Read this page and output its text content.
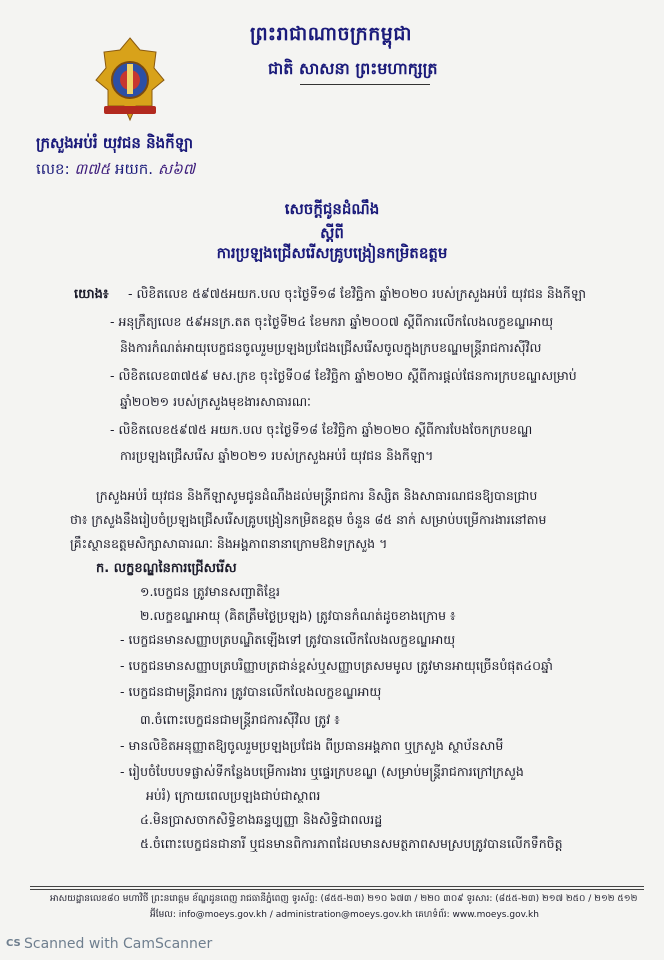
ព្រះរាជាណាចក្រកម្ពុជា
ជាតិ សាសនា ព្រះមហាក្សត្រ
ក្រសួងអប់រំ យុវជន និងកីឡា
លេខ: ៣៧៥ អយក. ស៦៧
សេចក្តីជូនដំណឹង
ស្តីពី
ការប្រឡងជ្រើសរើសគ្រូបង្រៀនកម្រិតឧត្តម
យោង៖ - លិខិតលេខ ៥៩៧៥អយក.បល ចុះថ្ងៃទី១៨ ខែវិច្ឆិកា ឆ្នាំ២០២០ របស់ក្រសួងអប់រំ យុវជន និងកីឡា
- អនុក្រឹត្យលេខ ៥៩អនក្រ.តត ចុះថ្ងៃទី២៤ ខែមករា ឆ្នាំ២០០៧ ស្តីពីការលើកលែងលក្ខខណ្ឌអាយុ
និងការកំណត់អាយុបេក្ខជនចូលរួមប្រឡងប្រជែងជ្រើសរើសចូលក្នុងក្របខណ្ឌមន្ត្រីរាជការស៊ីវិល
- លិខិតលេខ៣៧៥៩ មស.ក្រខ ចុះថ្ងៃទី០៨ ខែវិច្ឆិកា ឆ្នាំ២០២០ ស្តីពីការផ្តល់ផែនការក្របខណ្ឌសម្រាប់
ឆ្នាំ២០២១ របស់ក្រសួងមុខងារសាធារណៈ
- លិខិតលេខ៥៩៧៥ អយក.បល ចុះថ្ងៃទី១៨ ខែវិច្ឆិកា ឆ្នាំ២០២០ ស្តីពីការបែងចែកក្របខណ្ឌ
ការប្រឡងជ្រើសរើស ឆ្នាំ២០២១ របស់ក្រសួងអប់រំ យុវជន និងកីឡា។
ក្រសួងអប់រំ យុវជន និងកីឡាសូមជូនដំណឹងដល់មន្ត្រីរាជការ និស្សិត និងសាធារណជនឱ្យបានជ្រាប
ថា៖ ក្រសួងនឹងរៀបចំប្រឡងជ្រើសរើសគ្រូបង្រៀនកម្រិតឧត្តម ចំនួន ៨៥ នាក់ សម្រាប់បម្រើការងារនៅតាម
គ្រឹះស្ថានឧត្តមសិក្សាសាធារណៈ និងអង្គភាពនានាក្រោមឱវាទក្រសួង ។
ក. លក្ខខណ្ឌនៃការជ្រើសរើស
១.បេក្ខជន ត្រូវមានសញ្ជាតិខ្មែរ
២.លក្ខខណ្ឌអាយុ (គិតត្រឹមថ្ងៃប្រឡង) ត្រូវបានកំណត់ដូចខាងក្រោម ៖
- បេក្ខជនមានសញ្ញាបត្របណ្ឌិតឡើងទៅ ត្រូវបានលើកលែងលក្ខខណ្ឌអាយុ
- បេក្ខជនមានសញ្ញាបត្របរិញ្ញាបត្រជាន់ខ្ពស់ឬសញ្ញាបត្រសមមូល ត្រូវមានអាយុច្រើនបំផុត៤០ឆ្នាំ
- បេក្ខជនជាមន្ត្រីរាជការ ត្រូវបានលើកលែងលក្ខខណ្ឌអាយុ
៣.ចំពោះបេក្ខជនជាមន្ត្រីរាជការស៊ីវិល ត្រូវ ៖
- មានលិខិតអនុញ្ញាតឱ្យចូលរួមប្រឡងប្រជែង ពីប្រធានអង្គភាព ឬក្រសួង ស្ថាប័នសាមី
- រៀបចំបែបបទផ្លាស់ទីកន្លែងបម្រើការងារ ឬផ្ទេរក្របខណ្ឌ (សម្រាប់មន្ត្រីរាជការក្រៅក្រសួង
អប់រំ) ក្រោយពេលប្រឡងជាប់ជាស្ថាពរ
៤.មិនប្រាសចាកសិទ្ធិខាងឆន្ទប្បញ្ញា និងសិទ្ធិជាពលរដ្ឋ
៥.ចំពោះបេក្ខជនជានារី ឬជនមានពិការភាពដែលមានសមត្ថភាពសមស្របត្រូវបានលើកទឹកចិត្ត
អាសយដ្ឋានលេខ៨០ មហាវិថី ព្រះនរោត្តម ខ័ណ្ឌដូនពេញ រាជធានីភ្នំពេញ ទូរស័ព្ទ: (៨៥៥-២៣) ២១០ ៦៧៣ / ២២០ ៣០៩ ទូរសារ: (៨៥៥-២៣) ២១៧ ២៥០ / ២១២ ៥១២
អ៊ីមែល: info@moeys.gov.kh / administration@moeys.gov.kh គេហទំព័រ: www.moeys.gov.kh
CS Scanned with CamScanner
